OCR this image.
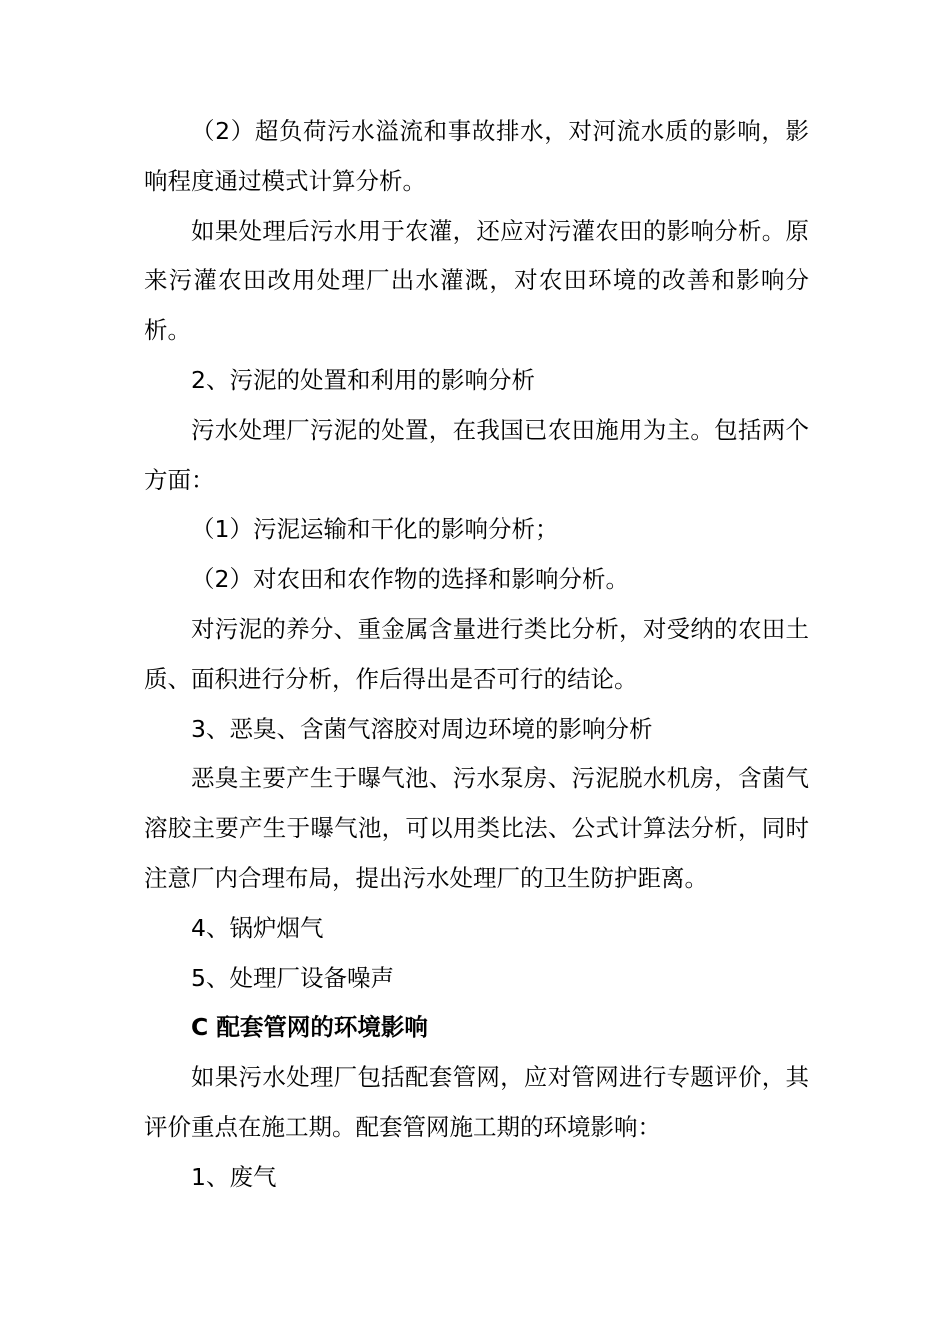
（2）超负荷污水溢流和事故排水，对河流水质的影响，影响程度通过模式计算分析。

如果处理后污水用于农灌，还应对污灌农田的影响分析。原来污灌农田改用处理厂出水灌溉，对农田环境的改善和影响分析。

2、污泥的处置和利用的影响分析

污水处理厂污泥的处置，在我国已农田施用为主。包括两个方面：

（1）污泥运输和干化的影响分析；

（2）对农田和农作物的选择和影响分析。

对污泥的养分、重金属含量进行类比分析，对受纳的农田土质、面积进行分析，作后得出是否可行的结论。

3、恶臭、含菌气溶胶对周边环境的影响分析

恶臭主要产生于曝气池、污水泵房、污泥脱水机房，含菌气溶胶主要产生于曝气池，可以用类比法、公式计算法分析，同时注意厂内合理布局，提出污水处理厂的卫生防护距离。

4、锅炉烟气

5、处理厂设备噪声

C 配套管网的环境影响

如果污水处理厂包括配套管网，应对管网进行专题评价，其评价重点在施工期。配套管网施工期的环境影响：

1、废气
